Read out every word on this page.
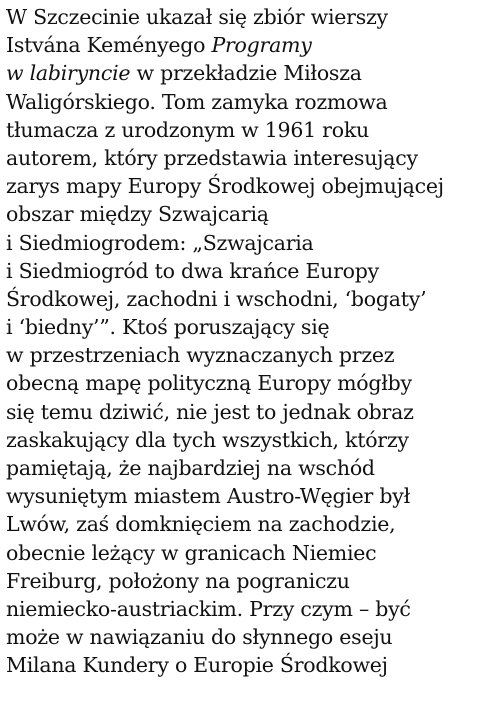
W Szczecinie ukazał się zbiór wierszy
Istvána Keményego Programy
w labiryncie w przekładzie Miłosza
Waligórskiego. Tom zamyka rozmowa
tłumacza z urodzonym w 1961 roku
autorem, który przedstawia interesujący
zarys mapy Europy Środkowej obejmującej
obszar między Szwajcarią
i Siedmiogrodem: „Szwajcaria
i Siedmiogród to dwa krańce Europy
Środkowej, zachodni i wschodni, ‘bogaty’
i ‘biedny’”. Ktoś poruszający się
w przestrzeniach wyznaczanych przez
obecną mapę polityczną Europy mógłby
się temu dziwić, nie jest to jednak obraz
zaskakujący dla tych wszystkich, którzy
pamiętają, że najbardziej na wschód
wysuniętym miastem Austro-Węgier był
Lwów, zaś domknięciem na zachodzie,
obecnie leżący w granicach Niemiec
Freiburg, położony na pograniczu
niemiecko-austriackim. Przy czym – być
może w nawiązaniu do słynnego eseju
Milana Kundery o Europie Środkowej
